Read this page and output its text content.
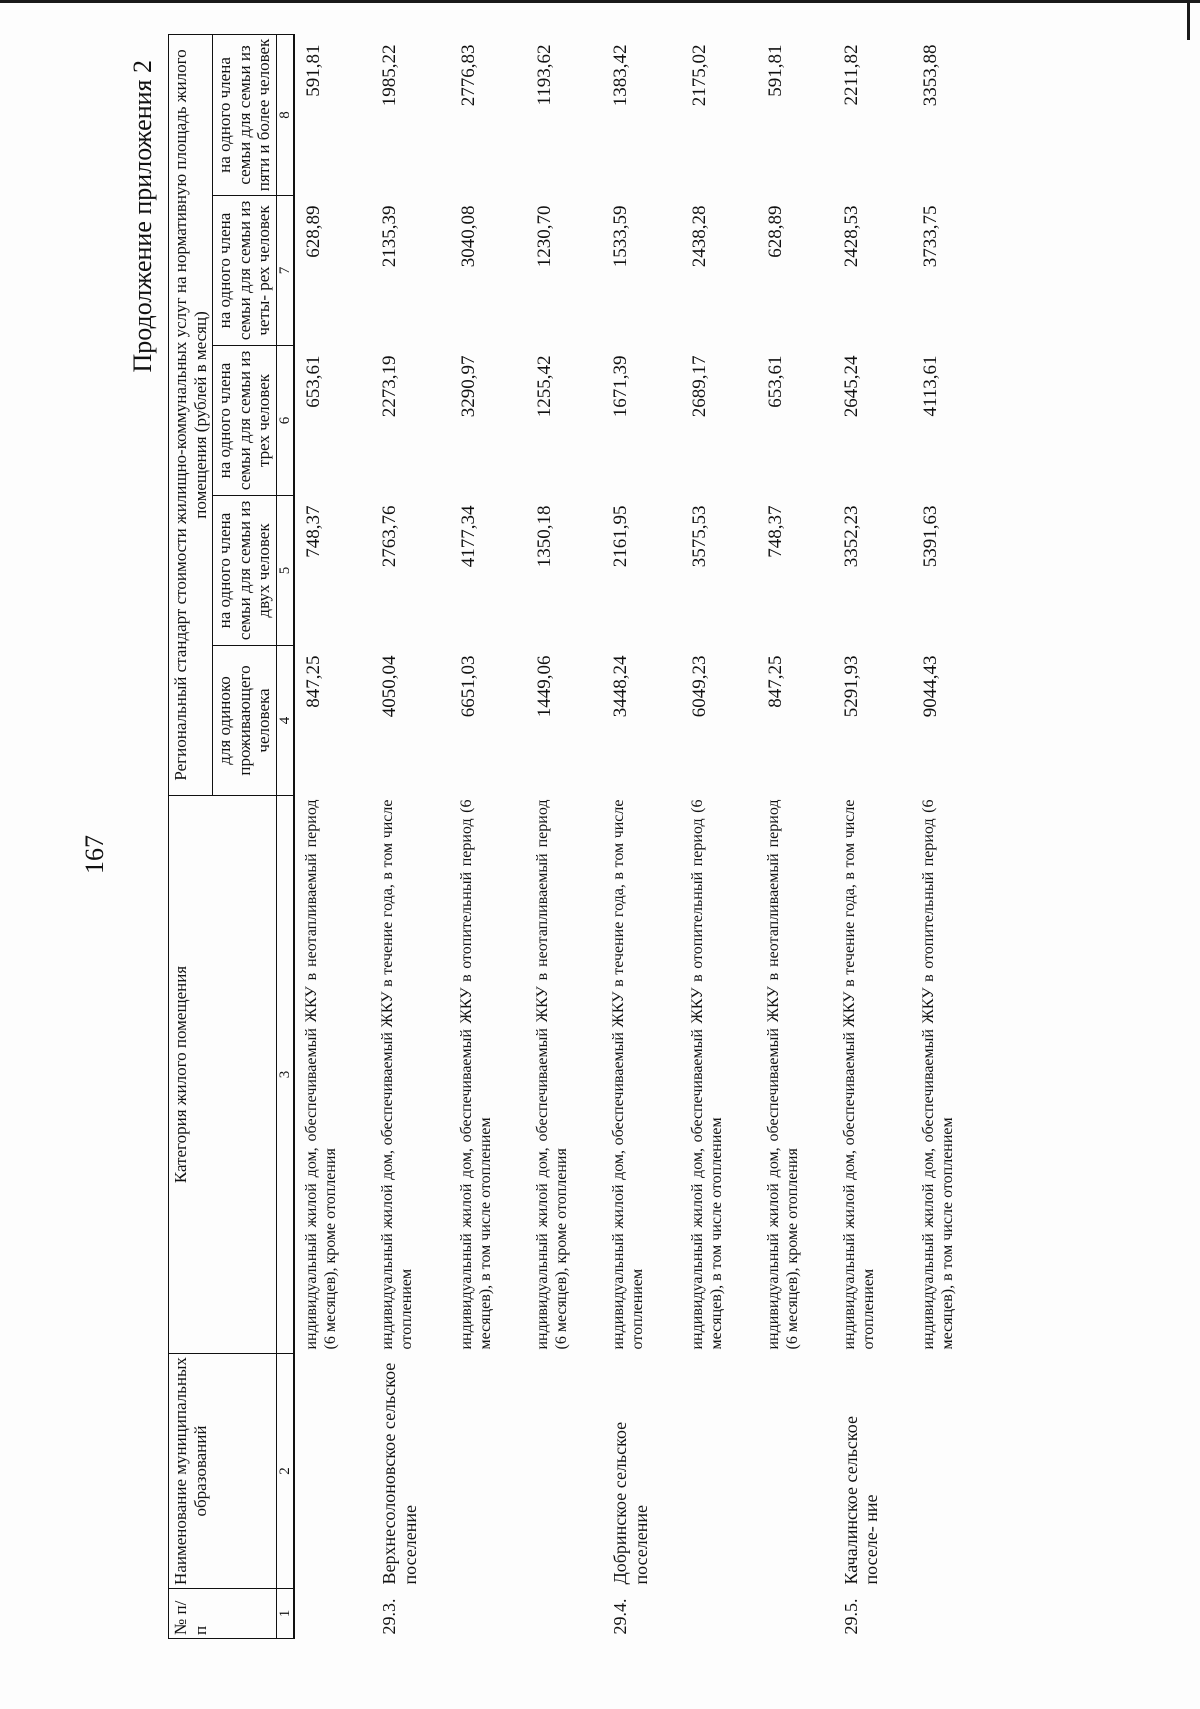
167
Продолжение приложения 2
№ п/п	Наименование муниципальных образований	Категория жилого помещения	Региональный стандарт стоимости жилищно-коммунальных услуг на нормативную площадь жилого помещения (рублей в месяц)				
			для одиноко проживающего человека	на одного члена семьи для семьи из двух человек	на одного члена семьи для семьи из трех человек	на одного члена семьи для семьи из четы- рех человек	на одного члена семьи для семьи из пяти и более человек
1	2	3	4	5	6	7	8
		индивидуальный жилой дом, обеспечиваемый ЖКУ в неотапливаемый период (6 месяцев), кроме отопления	847,25	748,37	653,61	628,89	591,81

29.3.	Верхнесолоновское сельское поселение	индивидуальный жилой дом, обеспечиваемый ЖКУ в течение года, в том числе отоплением	4050,04	2763,76	2273,19	2135,39	1985,22

		индивидуальный жилой дом, обеспечиваемый ЖКУ в отопительный период (6 месяцев), в том числе отоплением	6651,03	4177,34	3290,97	3040,08	2776,83

		индивидуальный жилой дом, обеспечиваемый ЖКУ в неотапливаемый период (6 месяцев), кроме отопления	1449,06	1350,18	1255,42	1230,70	1193,62

29.4.	Добринское сельское поселение	индивидуальный жилой дом, обеспечиваемый ЖКУ в течение года, в том числе отоплением	3448,24	2161,95	1671,39	1533,59	1383,42

		индивидуальный жилой дом, обеспечиваемый ЖКУ в отопительный период (6 месяцев), в том числе отоплением	6049,23	3575,53	2689,17	2438,28	2175,02

		индивидуальный жилой дом, обеспечиваемый ЖКУ в неотапливаемый период (6 месяцев), кроме отопления	847,25	748,37	653,61	628,89	591,81

29.5.	Качалинское сельское поселе- ние	индивидуальный жилой дом, обеспечиваемый ЖКУ в течение года, в том числе отоплением	5291,93	3352,23	2645,24	2428,53	2211,82

		индивидуальный жилой дом, обеспечиваемый ЖКУ в отопительный период (6 месяцев), в том числе отоплением	9044,43	5391,63	4113,61	3733,75	3353,88
